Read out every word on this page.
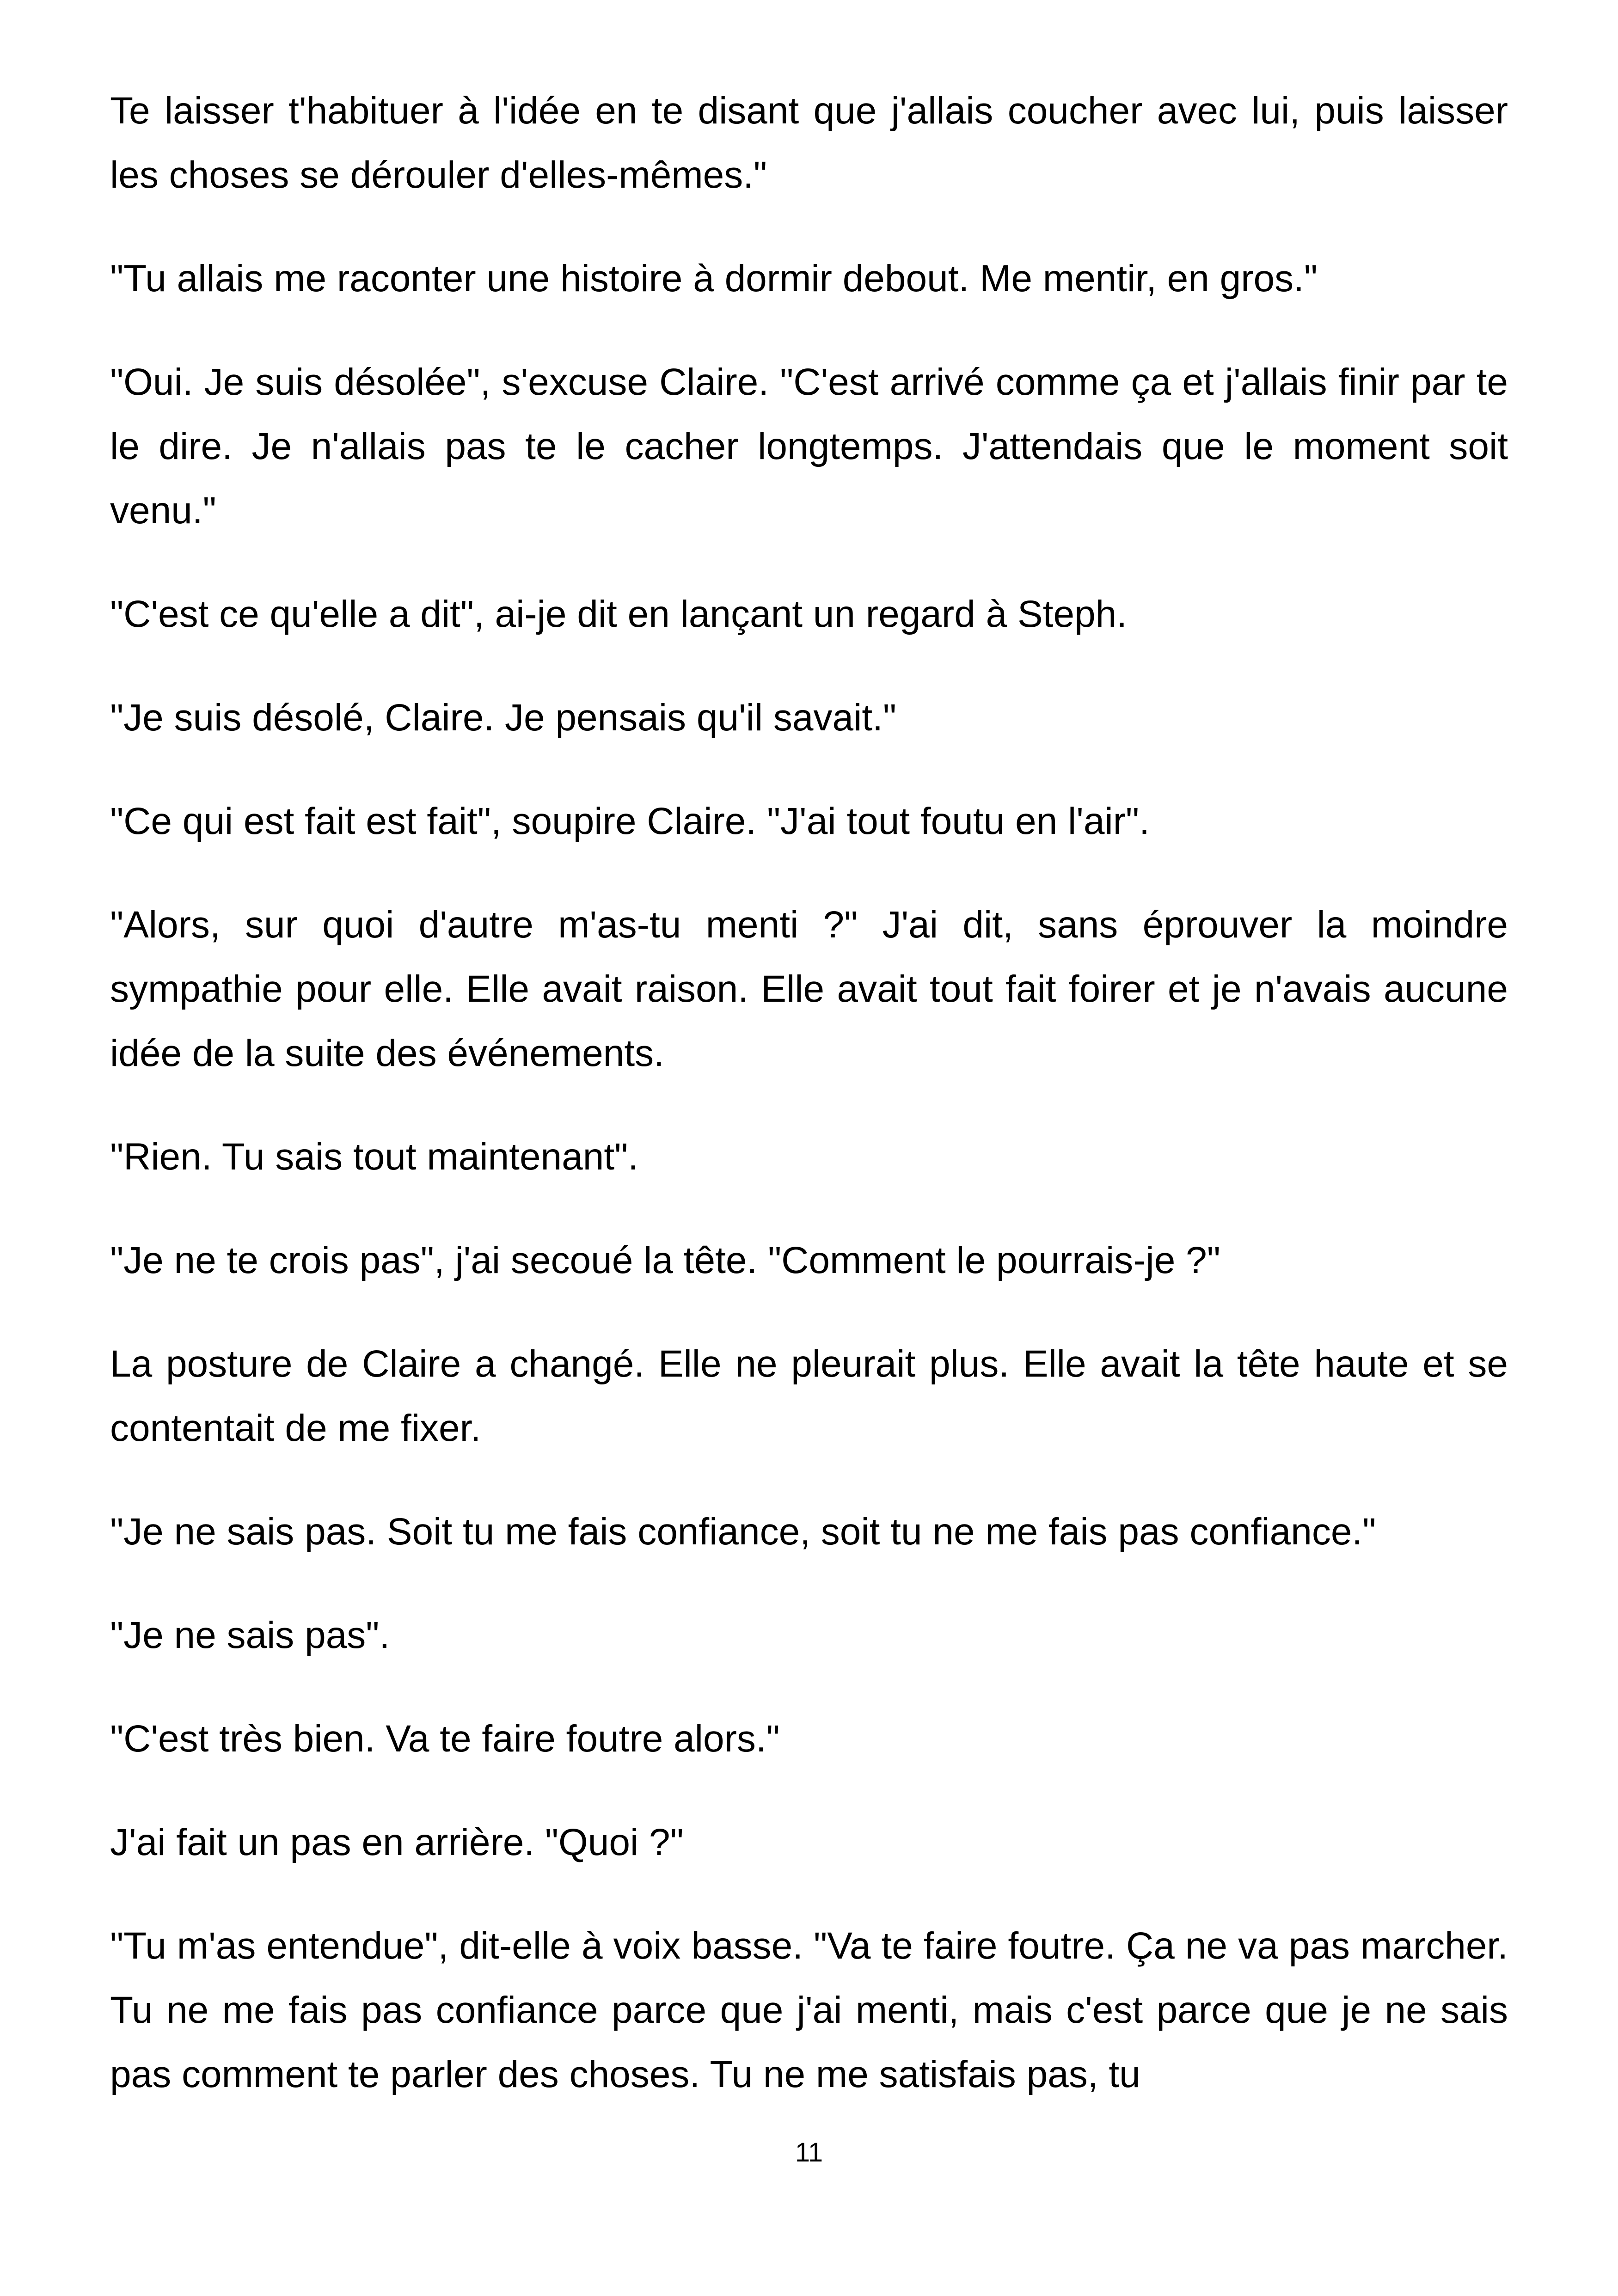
Te laisser t'habituer à l'idée en te disant que j'allais coucher avec lui, puis laisser les choses se dérouler d'elles-mêmes."

"Tu allais me raconter une histoire à dormir debout. Me mentir, en gros."

"Oui. Je suis désolée", s'excuse Claire. "C'est arrivé comme ça et j'allais finir par te le dire. Je n'allais pas te le cacher longtemps. J'attendais que le moment soit venu."

"C'est ce qu'elle a dit", ai-je dit en lançant un regard à Steph.

"Je suis désolé, Claire. Je pensais qu'il savait."

"Ce qui est fait est fait", soupire Claire. "J'ai tout foutu en l'air".

"Alors, sur quoi d'autre m'as-tu menti ?" J'ai dit, sans éprouver la moindre sympathie pour elle. Elle avait raison. Elle avait tout fait foirer et je n'avais aucune idée de la suite des événements.

"Rien. Tu sais tout maintenant".

"Je ne te crois pas", j'ai secoué la tête. "Comment le pourrais-je ?"

La posture de Claire a changé. Elle ne pleurait plus. Elle avait la tête haute et se contentait de me fixer.

"Je ne sais pas. Soit tu me fais confiance, soit tu ne me fais pas confiance."

"Je ne sais pas".

"C'est très bien. Va te faire foutre alors."

J'ai fait un pas en arrière. "Quoi ?"

"Tu m'as entendue", dit-elle à voix basse. "Va te faire foutre. Ça ne va pas marcher. Tu ne me fais pas confiance parce que j'ai menti, mais c'est parce que je ne sais pas comment te parler des choses. Tu ne me satisfais pas, tu

11
